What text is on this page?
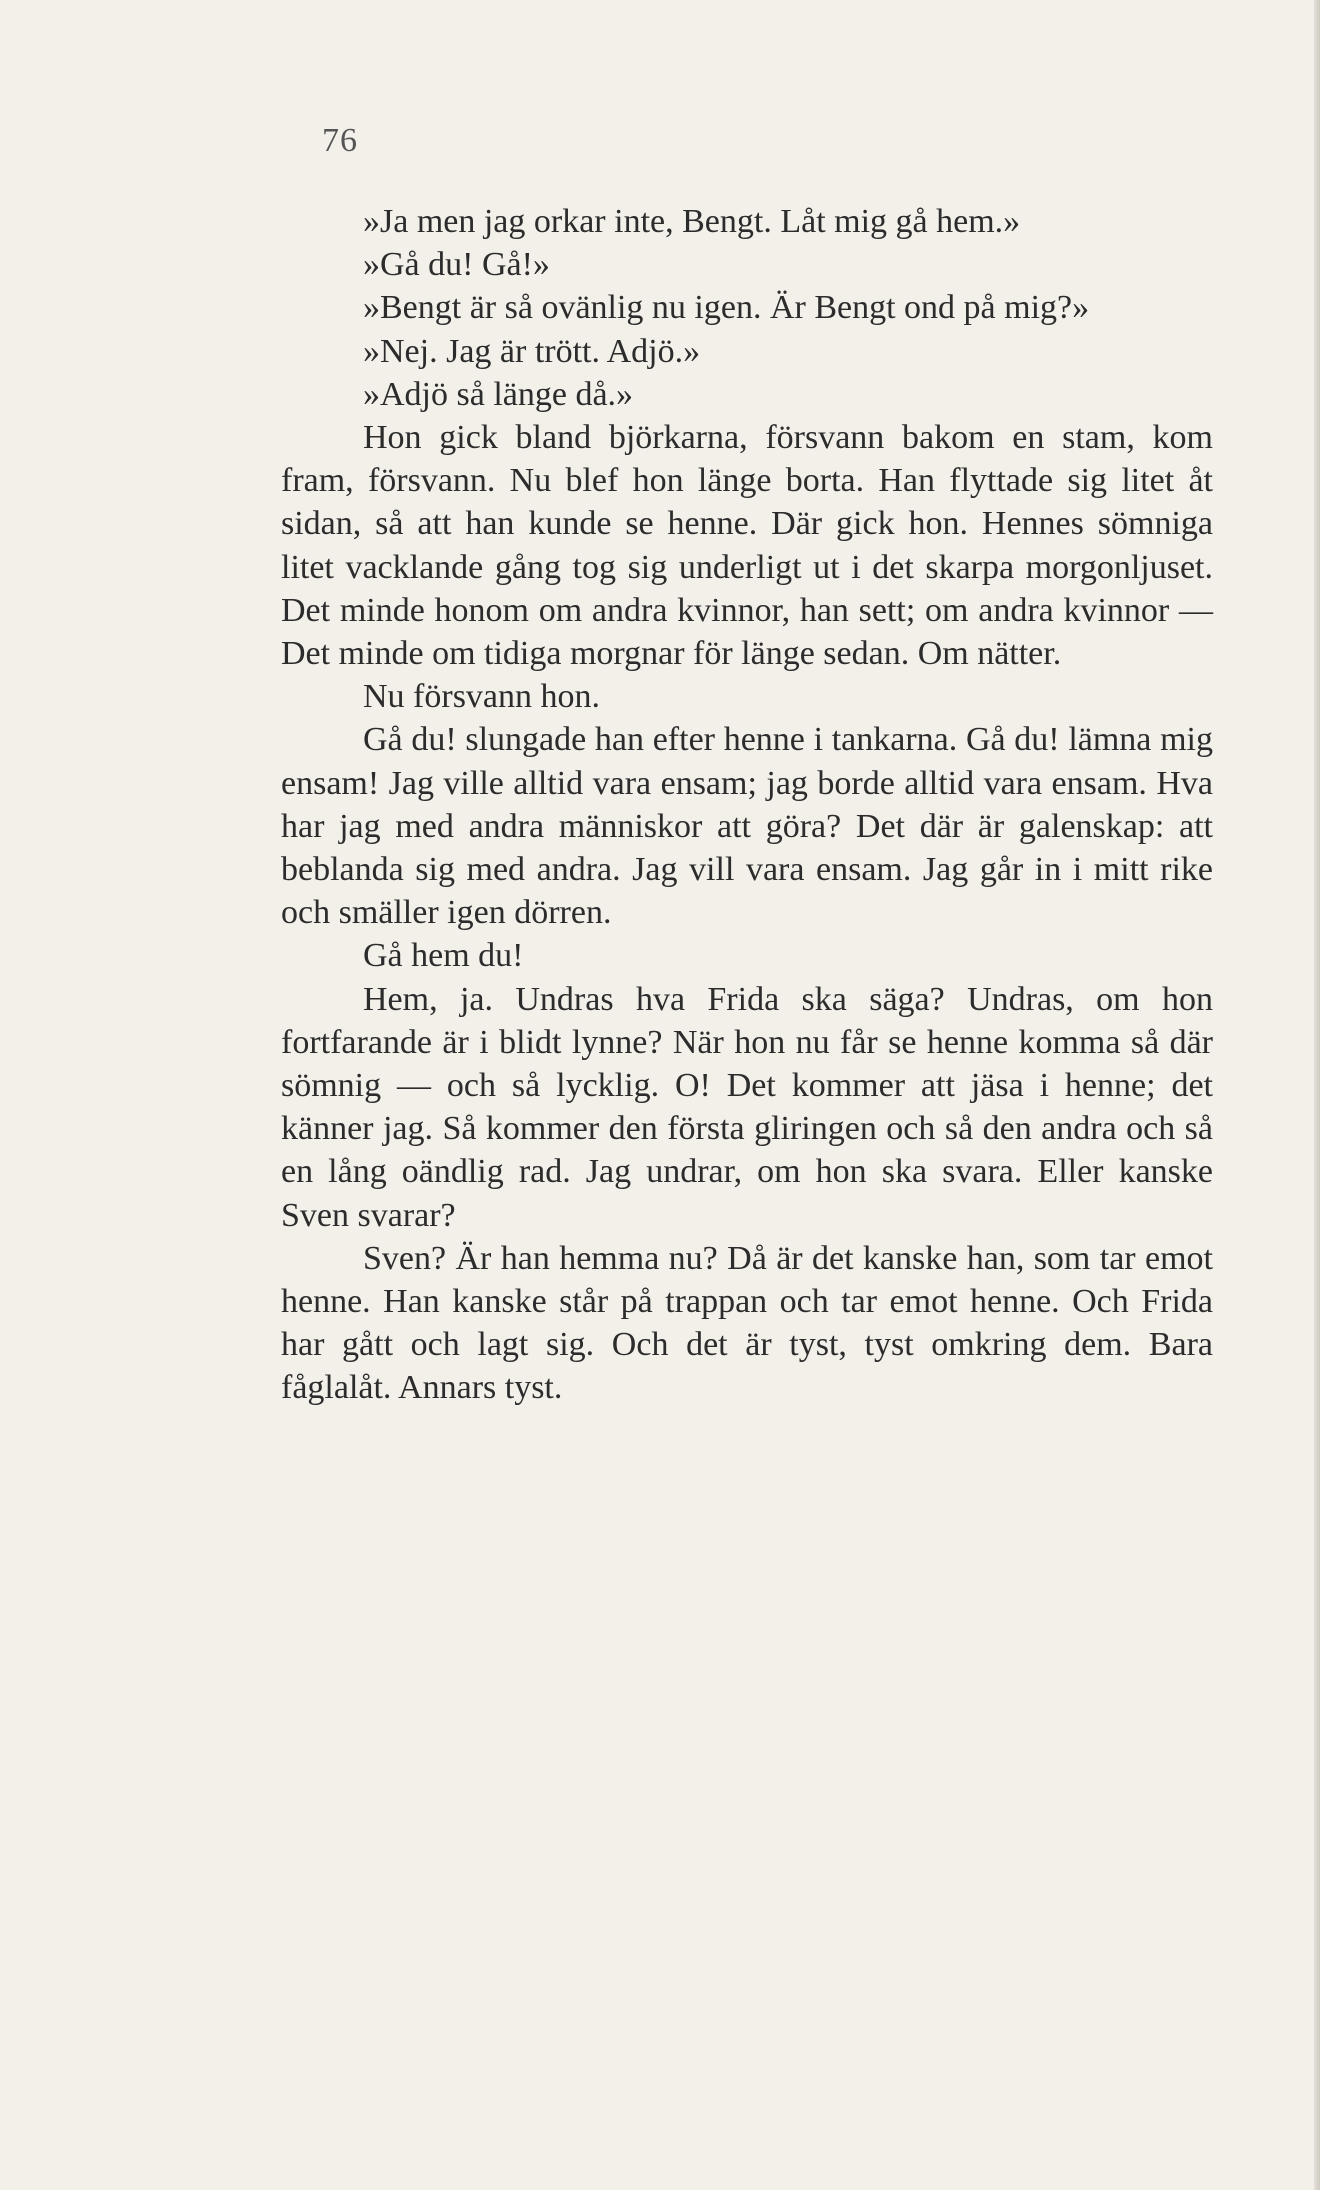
76

»Ja men jag orkar inte, Bengt. Låt mig gå hem.»

»Gå du! Gå!»

»Bengt är så ovänlig nu igen. Är Bengt ond på mig?»

»Nej. Jag är trött. Adjö.»

»Adjö så länge då.»

Hon gick bland björkarna, försvann bakom en stam, kom fram, försvann. Nu blef hon länge borta. Han flyttade sig litet åt sidan, så att han kunde se henne. Där gick hon. Hennes sömniga litet vacklande gång tog sig underligt ut i det skarpa morgonljuset. Det minde honom om andra kvinnor, han sett; om andra kvinnor — Det minde om tidiga morgnar för länge sedan. Om nätter.

Nu försvann hon.

Gå du! slungade han efter henne i tankarna. Gå du! lämna mig ensam! Jag ville alltid vara ensam; jag borde alltid vara ensam. Hva har jag med andra människor att göra? Det där är galenskap: att beblanda sig med andra. Jag vill vara ensam. Jag går in i mitt rike och smäller igen dörren.

Gå hem du!

Hem, ja. Undras hva Frida ska säga? Undras, om hon fortfarande är i blidt lynne? När hon nu får se henne komma så där sömnig — och så lycklig. O! Det kommer att jäsa i henne; det känner jag. Så kommer den första gliringen och så den andra och så en lång oändlig rad. Jag undrar, om hon ska svara. Eller kanske Sven svarar?

Sven? Är han hemma nu? Då är det kanske han, som tar emot henne. Han kanske står på trappan och tar emot henne. Och Frida har gått och lagt sig. Och det är tyst, tyst omkring dem. Bara fåglalåt. Annars tyst.
